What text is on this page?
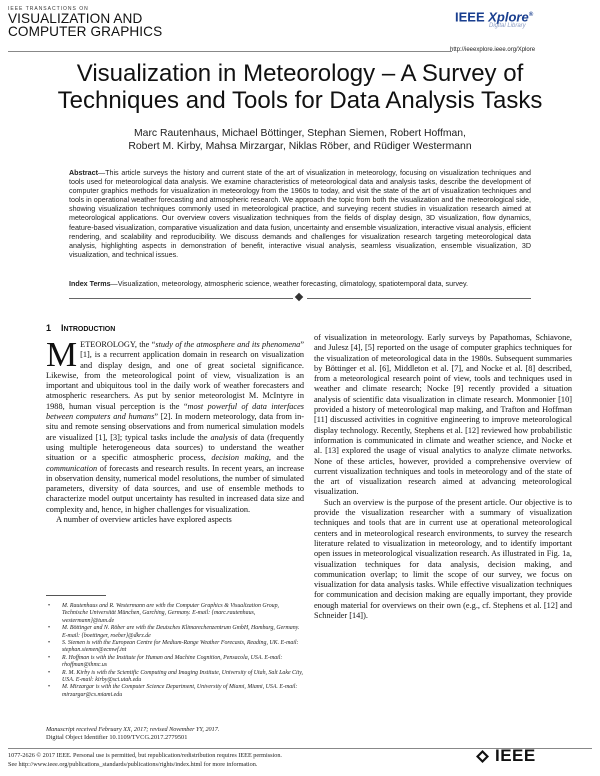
IEEE TRANSACTIONS ON
VISUALIZATION AND
COMPUTER GRAPHICS
IEEE Xplore®
Digital Library
http://ieeexplore.ieee.org/Xplore
Visualization in Meteorology – A Survey of
Techniques and Tools for Data Analysis Tasks
Marc Rautenhaus, Michael Böttinger, Stephan Siemen, Robert Hoffman,
Robert M. Kirby, Mahsa Mirzargar, Niklas Röber, and Rüdiger Westermann
Abstract—This article surveys the history and current state of the art of visualization in meteorology, focusing on visualization techniques and tools used for meteorological data analysis. We examine characteristics of meteorological data and analysis tasks, describe the development of computer graphics methods for visualization in meteorology from the 1960s to today, and visit the state of the art of visualization techniques and tools in operational weather forecasting and atmospheric research. We approach the topic from both the visualization and the meteorological side, showing visualization techniques commonly used in meteorological practice, and surveying recent studies in visualization research aimed at meteorological applications. Our overview covers visualization techniques from the fields of display design, 3D visualization, flow dynamics, feature-based visualization, comparative visualization and data fusion, uncertainty and ensemble visualization, interactive visual analysis, efficient rendering, and scalability and reproducibility. We discuss demands and challenges for visualization research targeting meteorological data analysis, highlighting aspects in demonstration of benefit, interactive visual analysis, seamless visualization, ensemble visualization, 3D visualization, and technical issues.
Index Terms—Visualization, meteorology, atmospheric science, weather forecasting, climatology, spatiotemporal data, survey.
1 INTRODUCTION

METEOROLOGY, the “study of the atmosphere and its phenomena” [1], is a recurrent application domain in research on visualization and display design, and one of great societal significance. Likewise, from the meteorological point of view, visualization is an important and ubiquitous tool in the daily work of weather forecasters and atmospheric researchers. As put by senior meteorologist M. McIntyre in 1988, human visual perception is the “most powerful of data interfaces between computers and humans” [2]. In modern meteorology, data from in-situ and remote sensing observations and from numerical simulation models are visualized [1], [3]; typical tasks include the analysis of data (frequently using multiple heterogeneous data sources) to understand the weather situation or a specific atmospheric process, decision making, and the communication of forecasts and research results. In recent years, an increase in observation density, numerical model resolutions, the number of simulated parameters, diversity of data sources, and use of ensemble methods to characterize model output uncertainty has resulted in increased data size and complexity and, hence, in higher challenges for visualization.

A number of overview articles have explored aspects

•	M. Rautenhaus and R. Westermann are with the Computer Graphics & Visualization Group, Technische Universität München, Garching, Germany. E-mail: {marc.rautenhaus, westermann}@tum.de
•	M. Böttinger and N. Röber are with the Deutsches Klimarechenzentrum GmbH, Hamburg, Germany. E-mail: {boettinger, roeber}@dkrz.de
•	S. Siemen is with the European Centre for Medium-Range Weather Forecasts, Reading, UK. E-mail: stephan.siemen@ecmwf.int
•	R. Hoffman is with the Institute for Human and Machine Cognition, Pensacola, USA. E-mail: rhoffman@ihmc.us
•	R. M. Kirby is with the Scientific Computing and Imaging Institute, University of Utah, Salt Lake City, USA. E-mail: kirby@sci.utah.edu
•	M. Mirzargar is with the Computer Science Department, University of Miami, Miami, USA. E-mail: mirzargar@cs.miami.edu
Manuscript received February XX, 2017; revised November YY, 2017.
Digital Object Identifier 10.1109/TVCG.2017.2779501

of visualization in meteorology. Early surveys by Papathomas, Schiavone, and Julesz [4], [5] reported on the usage of computer graphics techniques for the visualization of meteorological data in the 1980s. Subsequent summaries by Böttinger et al. [6], Middleton et al. [7], and Nocke et al. [8] described, from a meteorological research point of view, tools and techniques used in weather and climate research; Nocke [9] recently provided a situation analysis of scientific data visualization in climate research. Monmonier [10] provided a history of meteorological map making, and Trafton and Hoffman [11] discussed activities in cognitive engineering to improve meteorological display technology. Recently, Stephens et al. [12] reviewed how probabilistic information is communicated in climate and weather science, and Nocke et al. [13] explored the usage of visual analytics to analyze climate networks. None of these articles, however, provided a comprehensive overview of current visualization techniques and tools in meteorology and of the state of the art of visualization research aimed at advancing meteorological visualization.

Such an overview is the purpose of the present article. Our objective is to provide the visualization researcher with a summary of visualization techniques and tools that are in current use at operational meteorological centers and in meteorological research environments, to survey the research literature related to visualization in meteorology, and to identify important open issues in meteorological visualization research. As illustrated in Fig. 1a, visualization techniques for data analysis, decision making, and communication overlap; to limit the scope of our survey, we focus on visualization for data analysis tasks. While effective visualization techniques for communication and decision making are equally important, they provide enough material for overviews on their own (e.g., cf. Stephens et al. [12] and Schneider [14]).

1077-2626 © 2017 IEEE. Personal use is permitted, but republication/redistribution requires IEEE permission.
See http://www.ieee.org/publications_standards/publications/rights/index.html for more information.	IEEE
